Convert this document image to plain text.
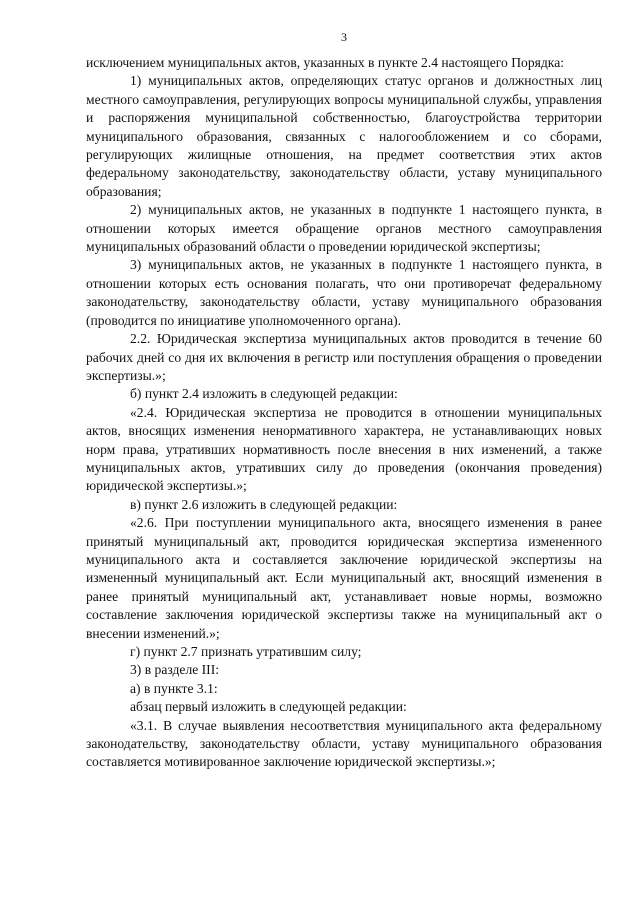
3

исключением муниципальных актов, указанных в пункте 2.4 настоящего Порядка:

1) муниципальных актов, определяющих статус органов и должностных лиц местного самоуправления, регулирующих вопросы муниципальной службы, управления и распоряжения муниципальной собственностью, благоустройства территории муниципального образования, связанных с налогообложением и со сборами, регулирующих жилищные отношения, на предмет соответствия этих актов федеральному законодательству, законодательству области, уставу муниципального образования;

2) муниципальных актов, не указанных в подпункте 1 настоящего пункта, в отношении которых имеется обращение органов местного самоуправления муниципальных образований области о проведении юридической экспертизы;

3) муниципальных актов, не указанных в подпункте 1 настоящего пункта, в отношении которых есть основания полагать, что они противоречат федеральному законодательству, законодательству области, уставу муниципального образования (проводится по инициативе уполномоченного органа).

2.2. Юридическая экспертиза муниципальных актов проводится в течение 60 рабочих дней со дня их включения в регистр или поступления обращения о проведении экспертизы.»;

б) пункт 2.4 изложить в следующей редакции:

«2.4. Юридическая экспертиза не проводится в отношении муниципальных актов, вносящих изменения ненормативного характера, не устанавливающих новых норм права, утративших нормативность после внесения в них изменений, а также муниципальных актов, утративших силу до проведения (окончания проведения) юридической экспертизы.»;

в) пункт 2.6 изложить в следующей редакции:

«2.6. При поступлении муниципального акта, вносящего изменения в ранее принятый муниципальный акт, проводится юридическая экспертиза измененного муниципального акта и составляется заключение юридической экспертизы на измененный муниципальный акт. Если муниципальный акт, вносящий изменения в ранее принятый муниципальный акт, устанавливает новые нормы, возможно составление заключения юридической экспертизы также на муниципальный акт о внесении изменений.»;

г) пункт 2.7 признать утратившим силу;

3) в разделе III:

а) в пункте 3.1:

абзац первый изложить в следующей редакции:

«3.1. В случае выявления несоответствия муниципального акта федеральному законодательству, законодательству области, уставу муниципального образования составляется мотивированное заключение юридической экспертизы.»;
